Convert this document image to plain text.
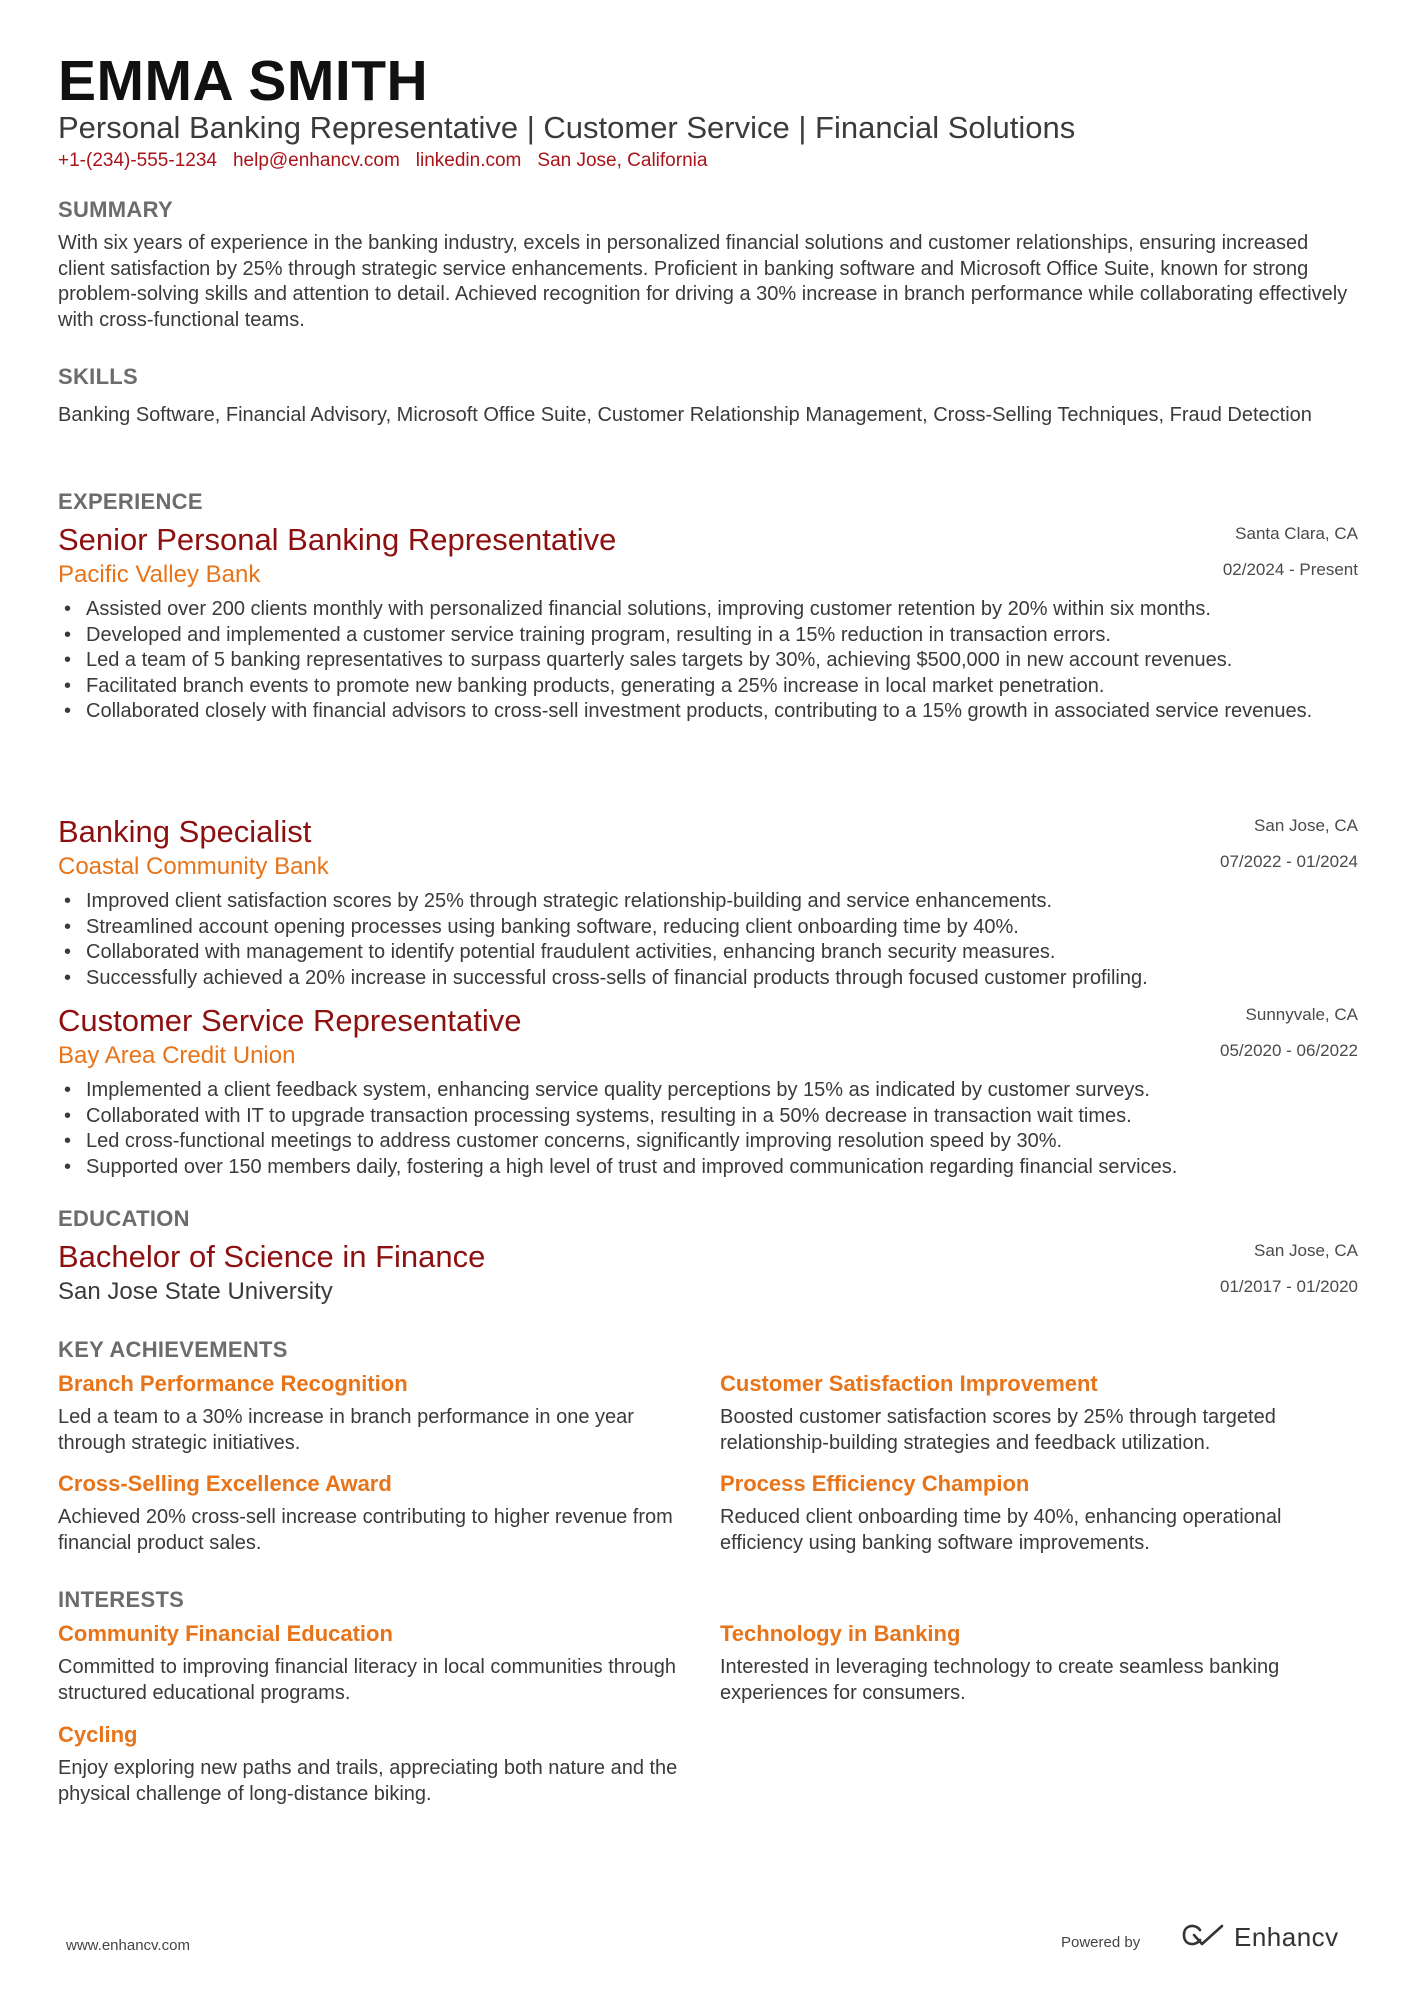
EMMA SMITH
Personal Banking Representative | Customer Service | Financial Solutions
+1-(234)-555-1234 help@enhancv.com linkedin.com San Jose, California
SUMMARY
With six years of experience in the banking industry, excels in personalized financial solutions and customer relationships, ensuring increased client satisfaction by 25% through strategic service enhancements. Proficient in banking software and Microsoft Office Suite, known for strong problem-solving skills and attention to detail. Achieved recognition for driving a 30% increase in branch performance while collaborating effectively with cross-functional teams.
SKILLS
Banking Software, Financial Advisory, Microsoft Office Suite, Customer Relationship Management, Cross-Selling Techniques, Fraud Detection
EXPERIENCE
Senior Personal Banking Representative	Santa Clara, CA
Pacific Valley Bank	02/2024 - Present
• Assisted over 200 clients monthly with personalized financial solutions, improving customer retention by 20% within six months.
• Developed and implemented a customer service training program, resulting in a 15% reduction in transaction errors.
• Led a team of 5 banking representatives to surpass quarterly sales targets by 30%, achieving $500,000 in new account revenues.
• Facilitated branch events to promote new banking products, generating a 25% increase in local market penetration.
• Collaborated closely with financial advisors to cross-sell investment products, contributing to a 15% growth in associated service revenues.
Banking Specialist	San Jose, CA
Coastal Community Bank	07/2022 - 01/2024
• Improved client satisfaction scores by 25% through strategic relationship-building and service enhancements.
• Streamlined account opening processes using banking software, reducing client onboarding time by 40%.
• Collaborated with management to identify potential fraudulent activities, enhancing branch security measures.
• Successfully achieved a 20% increase in successful cross-sells of financial products through focused customer profiling.
Customer Service Representative	Sunnyvale, CA
Bay Area Credit Union	05/2020 - 06/2022
• Implemented a client feedback system, enhancing service quality perceptions by 15% as indicated by customer surveys.
• Collaborated with IT to upgrade transaction processing systems, resulting in a 50% decrease in transaction wait times.
• Led cross-functional meetings to address customer concerns, significantly improving resolution speed by 30%.
• Supported over 150 members daily, fostering a high level of trust and improved communication regarding financial services.
EDUCATION
Bachelor of Science in Finance	San Jose, CA
San Jose State University	01/2017 - 01/2020
KEY ACHIEVEMENTS
Branch Performance Recognition
Led a team to a 30% increase in branch performance in one year through strategic initiatives.
Customer Satisfaction Improvement
Boosted customer satisfaction scores by 25% through targeted relationship-building strategies and feedback utilization.
Cross-Selling Excellence Award
Achieved 20% cross-sell increase contributing to higher revenue from financial product sales.
Process Efficiency Champion
Reduced client onboarding time by 40%, enhancing operational efficiency using banking software improvements.
INTERESTS
Community Financial Education
Committed to improving financial literacy in local communities through structured educational programs.
Technology in Banking
Interested in leveraging technology to create seamless banking experiences for consumers.
Cycling
Enjoy exploring new paths and trails, appreciating both nature and the physical challenge of long-distance biking.
www.enhancv.com	Powered by	Enhancv
